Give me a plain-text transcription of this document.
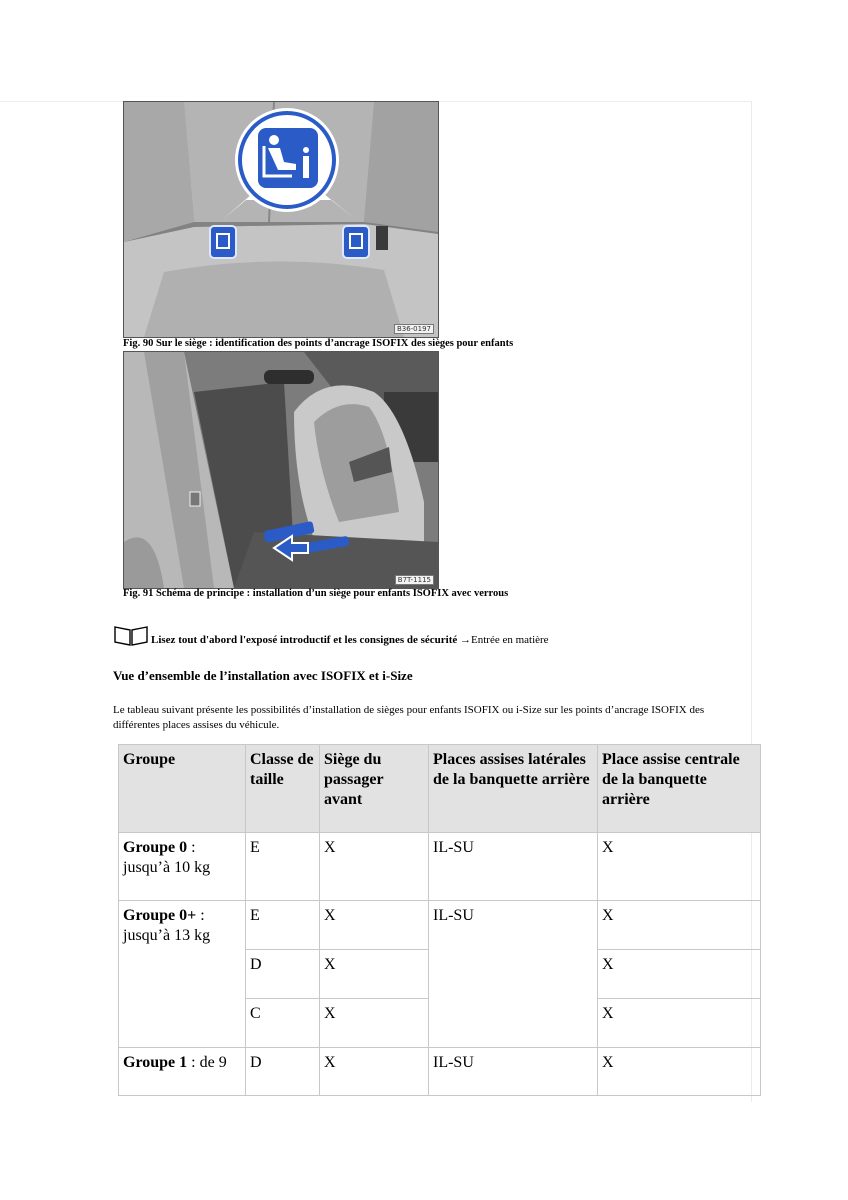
B36-0197
Fig. 90 Sur le siège : identification des points d’ancrage ISOFIX des sièges pour enfants
B7T-1115
Fig. 91 Schéma de principe : installation d’un siège pour enfants ISOFIX avec verrous
Lisez tout d'abord l'exposé introductif et les consignes de sécurité
→ Entrée en matière
Vue d’ensemble de l’installation avec ISOFIX et i-Size
Le tableau suivant présente les possibilités d’installation de sièges pour enfants ISOFIX ou i-Size sur les points d’ancrage ISOFIX des différentes places assises du véhicule.
Groupe	Classe de taille	Siège du passager avant	Places assises latérales de la banquette arrière	Place assise centrale de la banquette arrière
Groupe 0 : jusqu’à 10 kg	E	X	IL-SU	X
Groupe 0+ : jusqu’à 13 kg	E	X	IL-SU	X
	D	X		X
	C	X		X
Groupe 1 : de 9	D	X	IL-SU	X
